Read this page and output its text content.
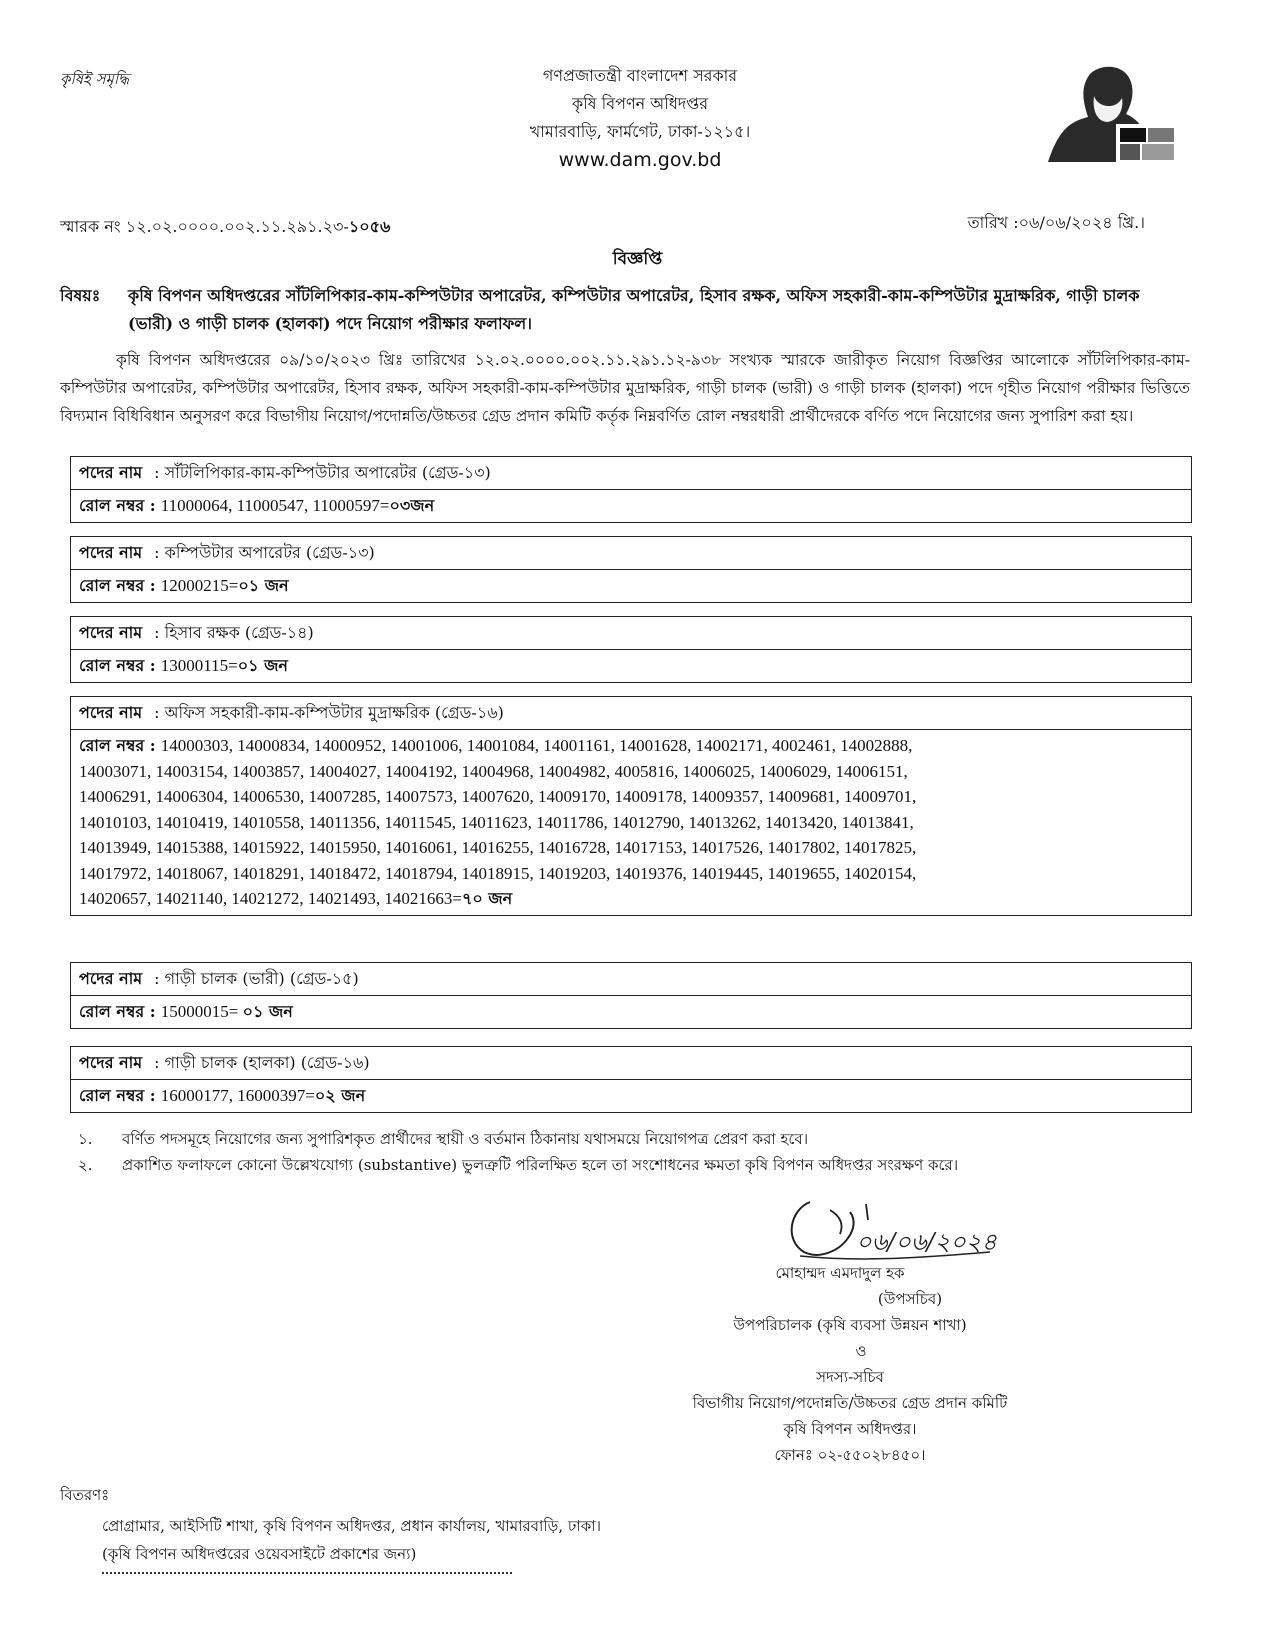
কৃষিই সমৃদ্ধি	গণপ্রজাতন্ত্রী বাংলাদেশ সরকার
কৃষি বিপণন অধিদপ্তর
খামারবাড়ি, ফার্মগেট, ঢাকা-১২১৫।
www.dam.gov.bd
স্মারক নং ১২.০২.০০০০.০০২.১১.২৯১.২৩-১০৫৬	তারিখ :০৬/০৬/২০২৪ খ্রি.।
বিজ্ঞপ্তি
বিষয়ঃ কৃষি বিপণন অধিদপ্তরের সাঁটলিপিকার-কাম-কম্পিউটার অপারেটর, কম্পিউটার অপারেটর, হিসাব রক্ষক, অফিস সহকারী-কাম-কম্পিউটার মুদ্রাক্ষরিক, গাড়ী চালক (ভারী) ও গাড়ী চালক (হালকা) পদে নিয়োগ পরীক্ষার ফলাফল।
কৃষি বিপণন অধিদপ্তরের ০৯/১০/২০২৩ খ্রিঃ তারিখের ১২.০২.০০০০.০০২.১১.২৯১.১২-৯৩৮ সংখ্যক স্মারকে জারীকৃত নিয়োগ বিজ্ঞপ্তির আলোকে সাঁটলিপিকার-কাম-কম্পিউটার অপারেটর, কম্পিউটার অপারেটর, হিসাব রক্ষক, অফিস সহকারী-কাম-কম্পিউটার মুদ্রাক্ষরিক, গাড়ী চালক (ভারী) ও গাড়ী চালক (হালকা) পদে গৃহীত নিয়োগ পরীক্ষার ভিত্তিতে বিদ্যমান বিধিবিধান অনুসরণ করে বিভাগীয় নিয়োগ/পদোন্নতি/উচ্চতর গ্রেড প্রদান কমিটি কর্তৃক নিম্নবর্ণিত রোল নম্বরধারী প্রার্থীদেরকে বর্ণিত পদে নিয়োগের জন্য সুপারিশ করা হয়।
পদের নাম : সাঁটলিপিকার-কাম-কম্পিউটার অপারেটর (গ্রেড-১৩)
রোল নম্বর : 11000064, 11000547, 11000597=০৩জন
পদের নাম : কম্পিউটার অপারেটর (গ্রেড-১৩)
রোল নম্বর : 12000215=০১ জন
পদের নাম : হিসাব রক্ষক (গ্রেড-১৪)
রোল নম্বর : 13000115=০১ জন
পদের নাম : অফিস সহকারী-কাম-কম্পিউটার মুদ্রাক্ষরিক (গ্রেড-১৬)
রোল নম্বর : 14000303, 14000834, 14000952, 14001006, 14001084, 14001161, 14001628, 14002171, 4002461, 14002888,
14003071, 14003154, 14003857, 14004027, 14004192, 14004968, 14004982, 4005816, 14006025, 14006029, 14006151,
14006291, 14006304, 14006530, 14007285, 14007573, 14007620, 14009170, 14009178, 14009357, 14009681, 14009701,
14010103, 14010419, 14010558, 14011356, 14011545, 14011623, 14011786, 14012790, 14013262, 14013420, 14013841,
14013949, 14015388, 14015922, 14015950, 14016061, 14016255, 14016728, 14017153, 14017526, 14017802, 14017825,
14017972, 14018067, 14018291, 14018472, 14018794, 14018915, 14019203, 14019376, 14019445, 14019655, 14020154,
14020657, 14021140, 14021272, 14021493, 14021663=৭০ জন
পদের নাম : গাড়ী চালক (ভারী) (গ্রেড-১৫)
রোল নম্বর : 15000015= ০১ জন
পদের নাম : গাড়ী চালক (হালকা) (গ্রেড-১৬)
রোল নম্বর : 16000177, 16000397=০২ জন
১. বর্ণিত পদসমূহে নিয়োগের জন্য সুপারিশকৃত প্রার্থীদের স্থায়ী ও বর্তমান ঠিকানায় যথাসময়ে নিয়োগপত্র প্রেরণ করা হবে।
২. প্রকাশিত ফলাফলে কোনো উল্লেখযোগ্য (substantive) ভুলত্রুটি পরিলক্ষিত হলে তা সংশোধনের ক্ষমতা কৃষি বিপণন অধিদপ্তর সংরক্ষণ করে।
০৬/০৬/২০২৪
মোহাম্মদ এমদাদুল হক
(উপসচিব)
উপপরিচালক (কৃষি ব্যবসা উন্নয়ন শাখা)
ও
সদস্য-সচিব
বিভাগীয় নিয়োগ/পদোন্নতি/উচ্চতর গ্রেড প্রদান কমিটি
কৃষি বিপণন অধিদপ্তর।
ফোনঃ ০২-৫৫০২৮৪৫০।
বিতরণঃ
প্রোগ্রামার, আইসিটি শাখা, কৃষি বিপণন অধিদপ্তর, প্রধান কার্যালয়, খামারবাড়ি, ঢাকা।
(কৃষি বিপণন অধিদপ্তরের ওয়েবসাইটে প্রকাশের জন্য)
